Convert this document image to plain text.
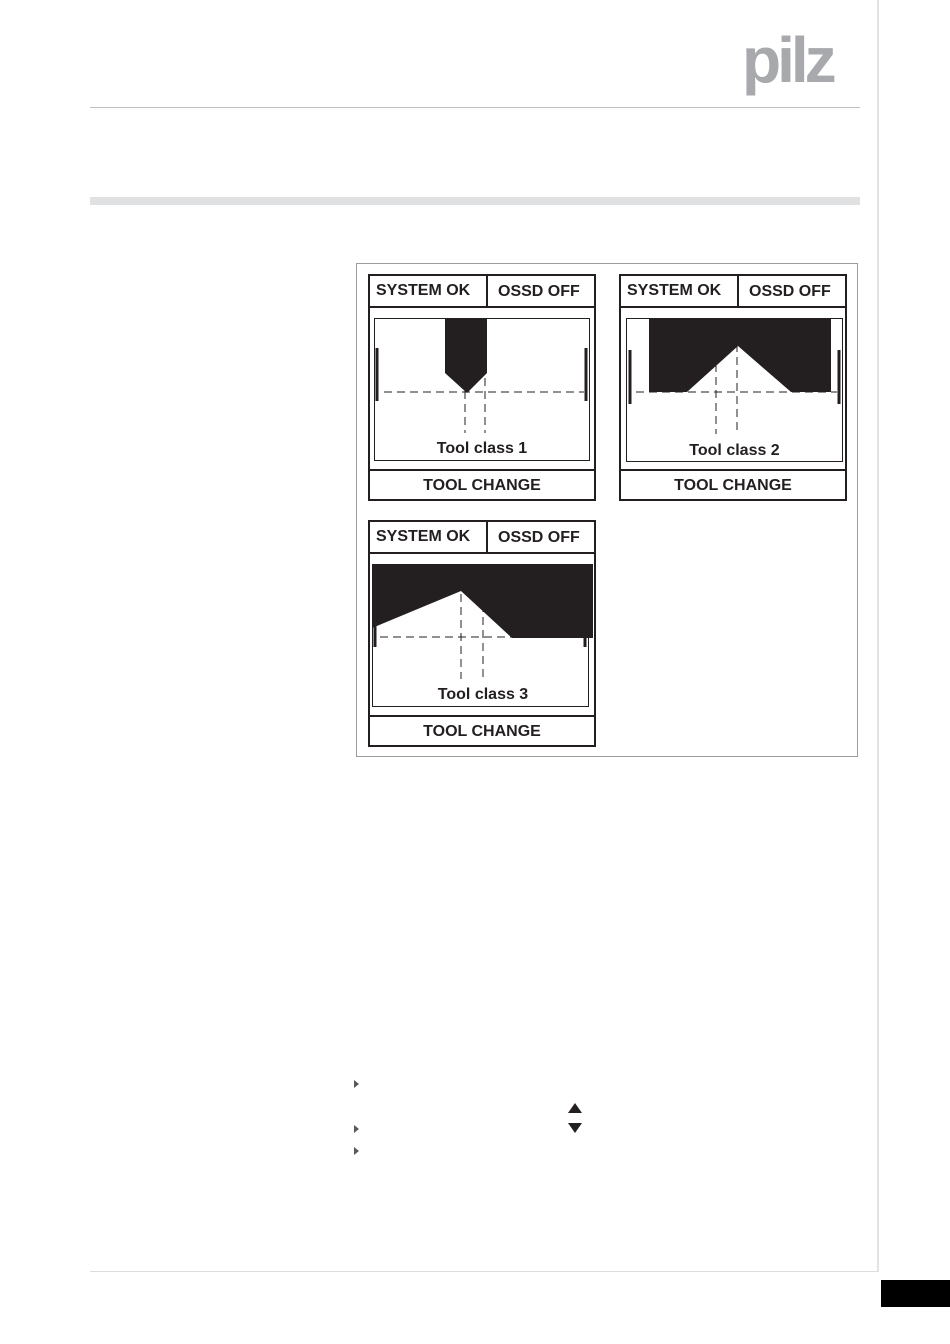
pilz
SYSTEM OK	OSSD OFF
Tool class 1
TOOL CHANGE
SYSTEM OK	OSSD OFF
Tool class 2
TOOL CHANGE
SYSTEM OK	OSSD OFF
Tool class 3
TOOL CHANGE
